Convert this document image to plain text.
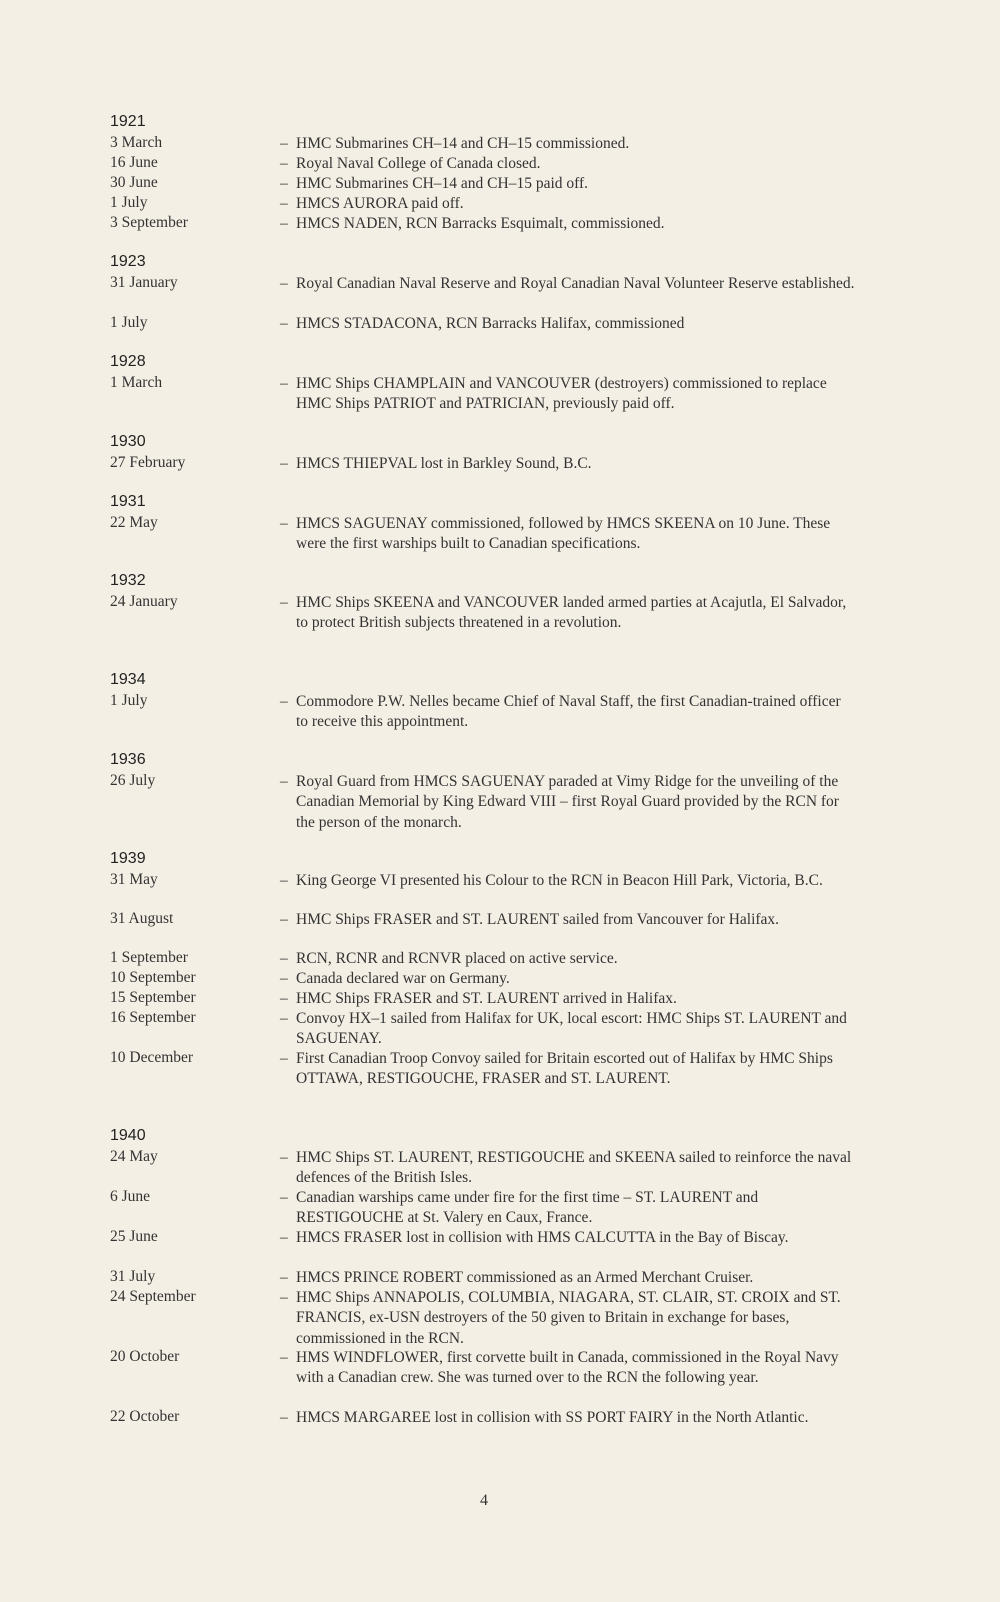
1921
3 March	– HMC Submarines CH–14 and CH–15 commissioned.
16 June	– Royal Naval College of Canada closed.
30 June	– HMC Submarines CH–14 and CH–15 paid off.
1 July	– HMCS AURORA paid off.
3 September	– HMCS NADEN, RCN Barracks Esquimalt, commissioned.
1923
31 January	– Royal Canadian Naval Reserve and Royal Canadian Naval Volunteer Reserve established.
1 July	– HMCS STADACONA, RCN Barracks Halifax, commissioned
1928
1 March	– HMC Ships CHAMPLAIN and VANCOUVER (destroyers) commissioned to replace HMC Ships PATRIOT and PATRICIAN, previously paid off.
1930
27 February	– HMCS THIEPVAL lost in Barkley Sound, B.C.
1931
22 May	– HMCS SAGUENAY commissioned, followed by HMCS SKEENA on 10 June. These were the first warships built to Canadian specifications.
1932
24 January	– HMC Ships SKEENA and VANCOUVER landed armed parties at Acajutla, El Salvador, to protect British subjects threatened in a revolution.
1934
1 July	– Commodore P.W. Nelles became Chief of Naval Staff, the first Canadian-trained officer to receive this appointment.
1936
26 July	– Royal Guard from HMCS SAGUENAY paraded at Vimy Ridge for the unveiling of the Canadian Memorial by King Edward VIII – first Royal Guard provided by the RCN for the person of the monarch.
1939
31 May	– King George VI presented his Colour to the RCN in Beacon Hill Park, Victoria, B.C.
31 August	– HMC Ships FRASER and ST. LAURENT sailed from Vancouver for Halifax.
1 September	– RCN, RCNR and RCNVR placed on active service.
10 September	– Canada declared war on Germany.
15 September	– HMC Ships FRASER and ST. LAURENT arrived in Halifax.
16 September	– Convoy HX–1 sailed from Halifax for UK, local escort: HMC Ships ST. LAURENT and SAGUENAY.
10 December	– First Canadian Troop Convoy sailed for Britain escorted out of Halifax by HMC Ships OTTAWA, RESTIGOUCHE, FRASER and ST. LAURENT.
1940
24 May	– HMC Ships ST. LAURENT, RESTIGOUCHE and SKEENA sailed to reinforce the naval defences of the British Isles.
6 June	– Canadian warships came under fire for the first time – ST. LAURENT and RESTIGOUCHE at St. Valery en Caux, France.
25 June	– HMCS FRASER lost in collision with HMS CALCUTTA in the Bay of Biscay.
31 July	– HMCS PRINCE ROBERT commissioned as an Armed Merchant Cruiser.
24 September	– HMC Ships ANNAPOLIS, COLUMBIA, NIAGARA, ST. CLAIR, ST. CROIX and ST. FRANCIS, ex-USN destroyers of the 50 given to Britain in exchange for bases, commissioned in the RCN.
20 October	– HMS WINDFLOWER, first corvette built in Canada, commissioned in the Royal Navy with a Canadian crew. She was turned over to the RCN the following year.
22 October	– HMCS MARGAREE lost in collision with SS PORT FAIRY in the North Atlantic.
4
